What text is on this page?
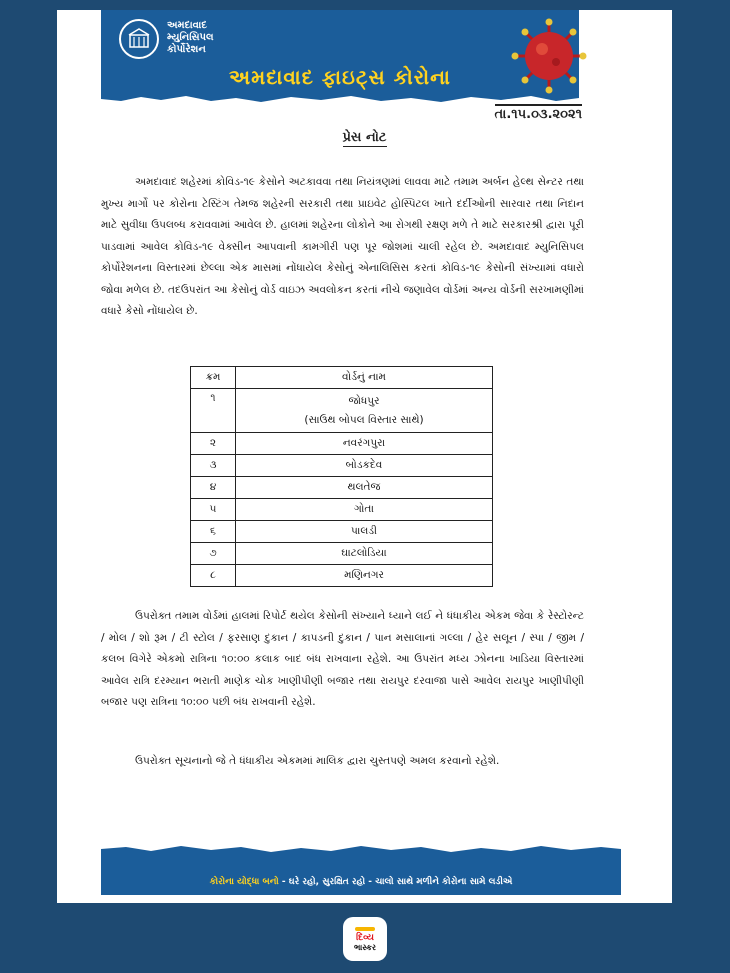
અમદાવાદ
મ્યુનિસિપલ
કોર્પોરેશન
અમદાવાદ ફાઇટ્સ કોરોના
તા.૧૫.૦૩.૨૦૨૧
પ્રેસ નોટ

અમદાવાદ શહેરમાં કોવિડ-૧૯ કેસોને અટકાવવા તથા નિયંત્રણમાં લાવવા માટે તમામ અર્બન હેલ્થ સેન્ટર તથા મુખ્ય માર્ગો પર કોરોના ટેસ્ટિંગ તેમજ શહેરની સરકારી તથા પ્રાઇવેટ હોસ્પિટલ ખાતે દર્દીઓની સારવાર તથા નિદાન માટે સુવીધા ઉપલબ્ધ કરાવવામાં આવેલ છે. હાલમાં શહેરના લોકોને આ રોગથી રક્ષણ મળે તે માટે સરકારશ્રી દ્વારા પૂરી પાડવામાં આવેલ કોવિડ-૧૯ વેક્સીન આપવાની કામગીરી પણ પૂર જોશમાં ચાલી રહેલ છે. અમદાવાદ મ્યુનિસિપલ કોર્પોરેશનના વિસ્તારમાં છેલ્લા એક માસમાં નોંધાયેલ કેસોનું એનાલિસિસ કરતાં કોવિડ-૧૯ કેસોની સંખ્યામાં વધારો જોવા મળેલ છે. તદઉપરાંત આ કેસોનું વોર્ડ વાઇઝ અવલોકન કરતાં નીચે જણાવેલ વોર્ડમાં અન્ય વોર્ડની સરખામણીમાં વધારે કેસો નોંધાયેલ છે.

ક્રમ	વોર્ડનું નામ
૧	જોધપુર
(સાઉથ બોપલ વિસ્તાર સાથે)

૨	નવરંગપુરા
૩	બોડકદેવ
૪	થલતેજ
૫	ગોતા
૬	પાલડી
૭	ઘાટલોડિયા
૮	મણિનગર

ઉપરોક્ત તમામ વોર્ડમાં હાલમાં રિપોર્ટ થયેલ કેસોની સંખ્યાને ધ્યાને લઈ ને ધંધાકીય એકમ જેવા કે રેસ્ટોરન્ટ / મોલ / શો રૂમ / ટી સ્ટોલ / ફરસાણ દુકાન / કાપડની દુકાન / પાન મસાલાનાં ગલ્લા / હેર સલૂન / સ્પા / જીમ / કલબ વિગેરે એકમો રાત્રિના ૧૦:૦૦ કલાક બાદ બંધ રાખવાના રહેશે. આ ઉપરાંત મધ્ય ઝોનના ખાડિયા વિસ્તારમાં આવેલ રાત્રિ દરમ્યાન ભરાતી માણેક ચોક ખાણીપીણી બજાર તથા રાયપુર દરવાજા પાસે આવેલ રાયપુર ખાણીપીણી બજાર પણ રાત્રિના ૧૦:૦૦ પછી બંધ રાખવાની રહેશે.

ઉપરોક્ત સૂચનાનો જે તે ધંધાકીય એકમમાં માલિક દ્વારા ચુસ્તપણે અમલ કરવાનો રહેશે.

કોરોના યોદ્ધા બનો - ઘરે રહો, સુરક્ષિત રહો - ચાલો સાથે મળીને કોરોના સામે લડીએ
દિવ્ય
ભાસ્કર
